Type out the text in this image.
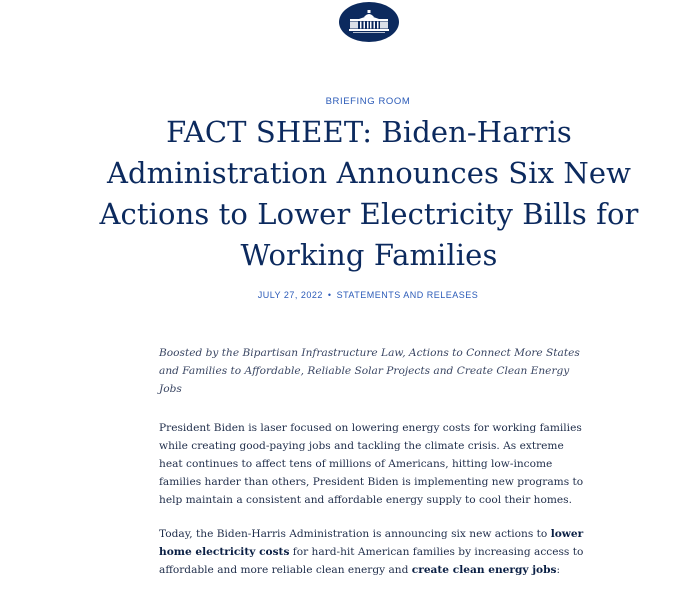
BRIEFING ROOM
FACT SHEET: Biden-Harris Administration Announces Six New Actions to Lower Electricity Bills for Working Families
JULY 27, 2022 • STATEMENTS AND RELEASES

Boosted by the Bipartisan Infrastructure Law, Actions to Connect More States and Families to Affordable, Reliable Solar Projects and Create Clean Energy Jobs

President Biden is laser focused on lowering energy costs for working families while creating good-paying jobs and tackling the climate crisis. As extreme heat continues to affect tens of millions of Americans, hitting low-income families harder than others, President Biden is implementing new programs to help maintain a consistent and affordable energy supply to cool their homes.

Today, the Biden-Harris Administration is announcing six new actions to lower home electricity costs for hard-hit American families by increasing access to affordable and more reliable clean energy and create clean energy jobs:
